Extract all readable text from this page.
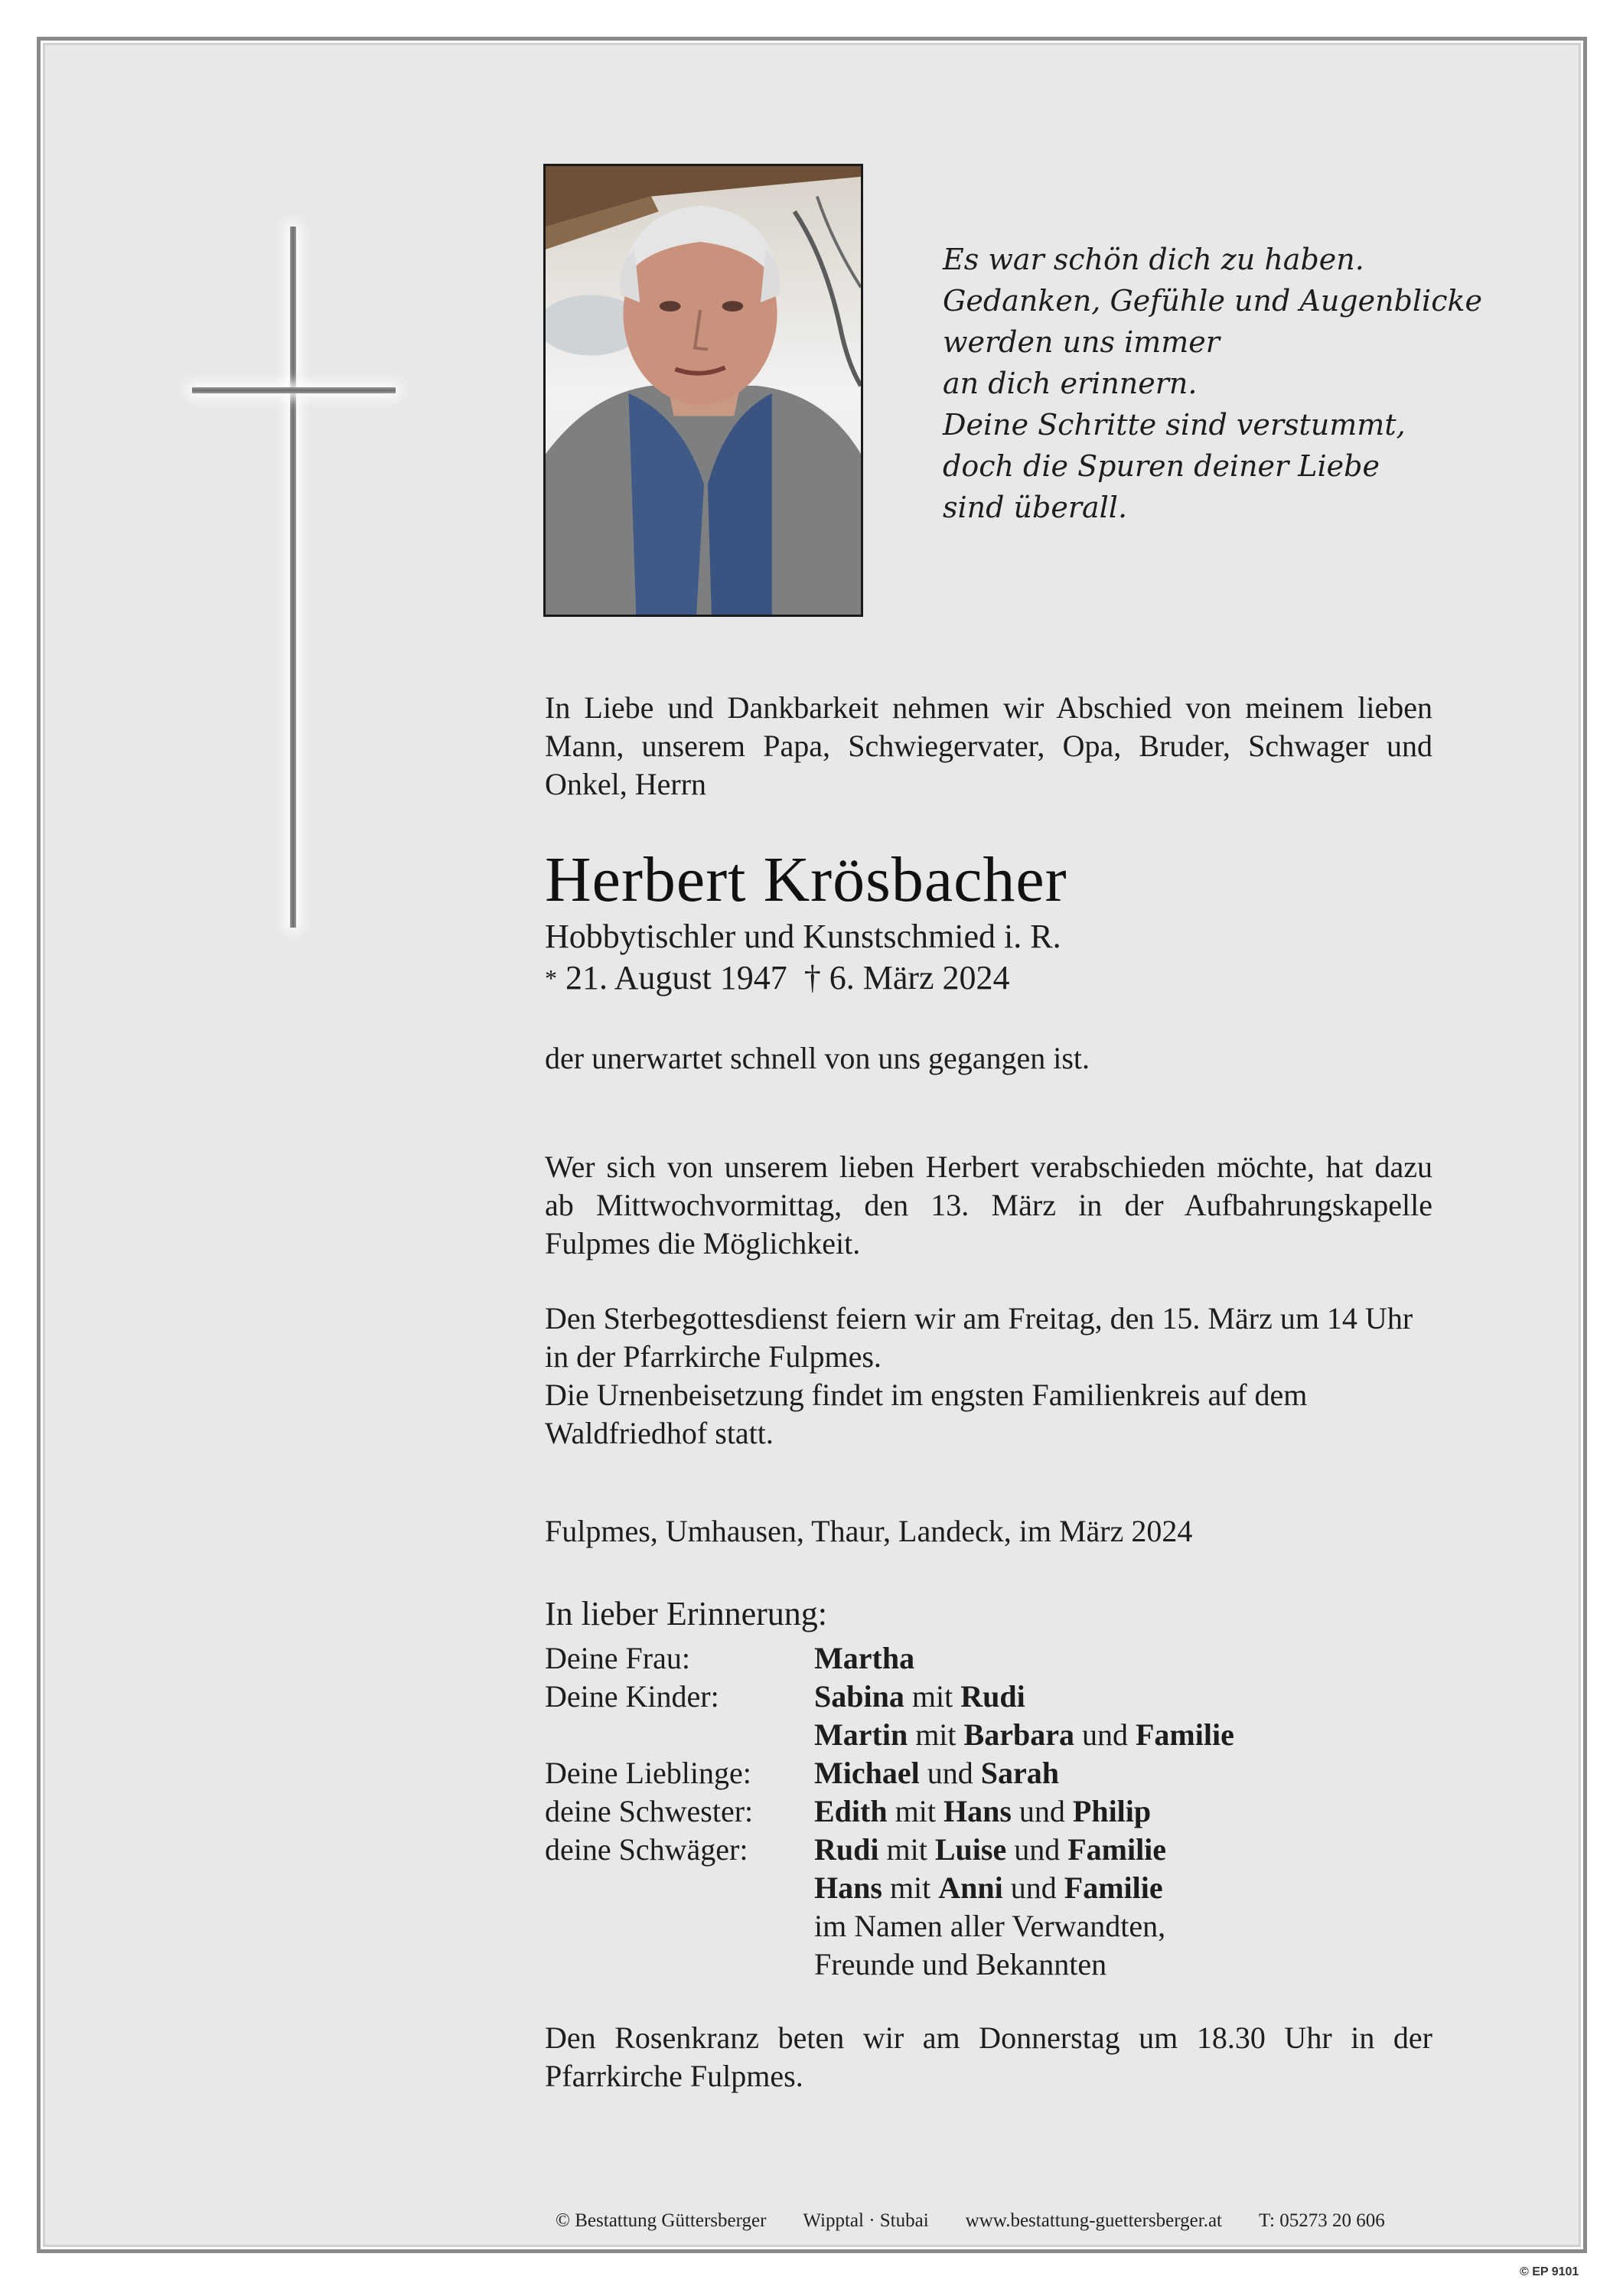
Es war schön dich zu haben.
Gedanken, Gefühle und Augenblicke
werden uns immer
an dich erinnern.
Deine Schritte sind verstummt,
doch die Spuren deiner Liebe
sind überall.
In Liebe und Dankbarkeit nehmen wir Abschied von meinem lieben Mann, unserem Papa, Schwiegervater, Opa, Bruder, Schwager und Onkel, Herrn
Herbert Krösbacher
Hobbytischler und Kunstschmied i. R.
* 21. August 1947 † 6. März 2024
der unerwartet schnell von uns gegangen ist.
Wer sich von unserem lieben Herbert verabschieden möchte, hat dazu ab Mittwochvormittag, den 13. März in der Aufbahrungskapelle Fulpmes die Möglichkeit.
Den Sterbegottesdienst feiern wir am Freitag, den 15. März um 14 Uhr in der Pfarrkirche Fulpmes.
Die Urnenbeisetzung findet im engsten Familienkreis auf dem Waldfriedhof statt.
Fulpmes, Umhausen, Thaur, Landeck, im März 2024
In lieber Erinnerung:
Deine Frau:	Martha
Deine Kinder:	Sabina mit Rudi
Martin mit Barbara und Familie
Deine Lieblinge:	Michael und Sarah
deine Schwester:	Edith mit Hans und Philip
deine Schwäger:	Rudi mit Luise und Familie
Hans mit Anni und Familie
im Namen aller Verwandten,
Freunde und Bekannten
Den Rosenkranz beten wir am Donnerstag um 18.30 Uhr in der Pfarrkirche Fulpmes.
© Bestattung Güttersberger Wipptal · Stubai www.bestattung-guettersberger.at T: 05273 20 606
© EP 9101
